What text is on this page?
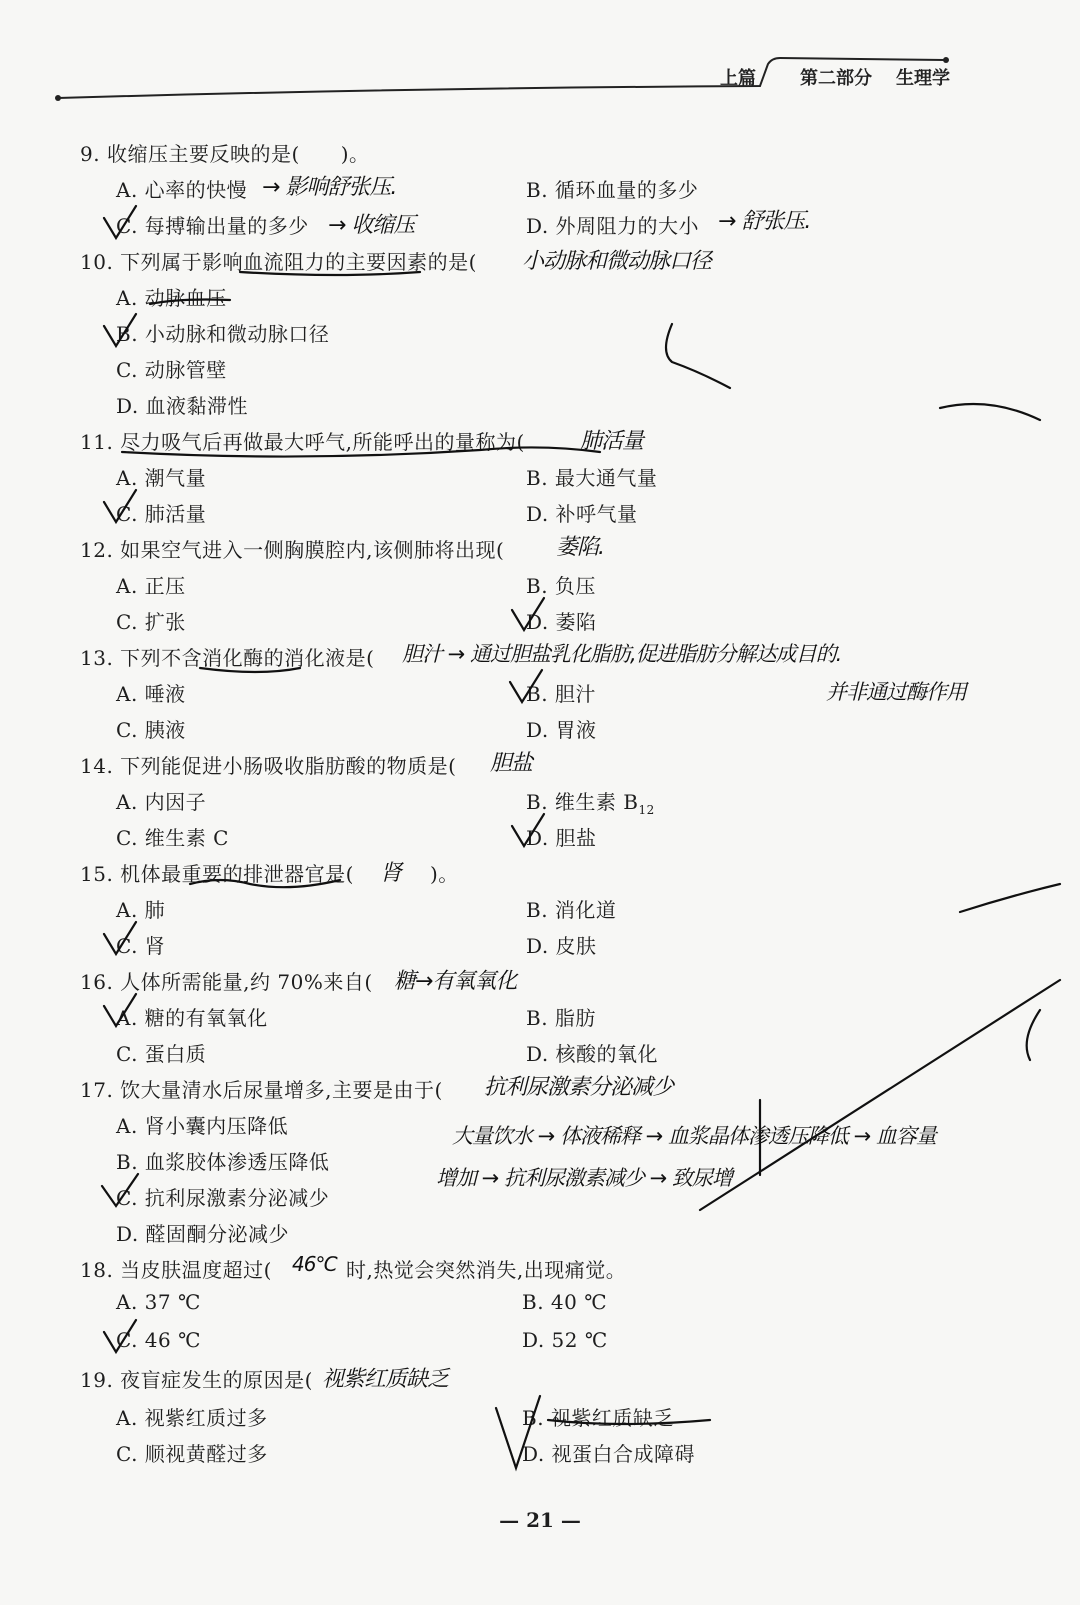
上篇 第二部分 生理学
9. 收缩压主要反映的是(　　)。
A. 心率的快慢	B. 循环血量的多少
C. 每搏输出量的多少	D. 外周阻力的大小
→ 影响舒张压.
→ 收缩压	→ 舒张压.
10. 下列属于影响血流阻力的主要因素的是( 小动脉和微动脉口径
A. 动脉血压
B. 小动脉和微动脉口径
C. 动脉管壁
D. 血液黏滞性
11. 尽力吸气后再做最大呼气,所能呼出的量称为(	肺活量
A. 潮气量	B. 最大通气量
C. 肺活量	D. 补呼气量
12. 如果空气进入一侧胸膜腔内,该侧肺将出现( 萎陷.
A. 正压	B. 负压
C. 扩张	D. 萎陷
13. 下列不含消化酶的消化液是( 胆汁 → 通过胆盐乳化脂肪,促进脂肪分解达成目的.
并非通过酶作用
A. 唾液	B. 胆汁
C. 胰液	D. 胃液
14. 下列能促进小肠吸收脂肪酸的物质是( 胆盐
A. 内因子	B. 维生素 $B_{12}$
C. 维生素 C	D. 胆盐
15. 机体最重要的排泄器官是( 肾 )。
A. 肺	B. 消化道
C. 肾	D. 皮肤
16. 人体所需能量,约 70%来自( 糖→有氧氧化
A. 糖的有氧氧化	B. 脂肪
C. 蛋白质	D. 核酸的氧化
17. 饮大量清水后尿量增多,主要是由于( 抗利尿激素分泌减少
A. 肾小囊内压降低
B. 血浆胶体渗透压降低
C. 抗利尿激素分泌减少
D. 醛固酮分泌减少
大量饮水 → 体液稀释 → 血浆晶体渗透压降低 → 血容量
增加 → 抗利尿激素减少 → 致尿增
18. 当皮肤温度超过( 46℃ 时,热觉会突然消失,出现痛觉。
A. 37 ℃	B. 40 ℃
C. 46 ℃	D. 52 ℃
19. 夜盲症发生的原因是( 视紫红质缺乏
A. 视紫红质过多	B. 视紫红质缺乏
C. 顺视黄醛过多	D. 视蛋白合成障碍
— 21 —
